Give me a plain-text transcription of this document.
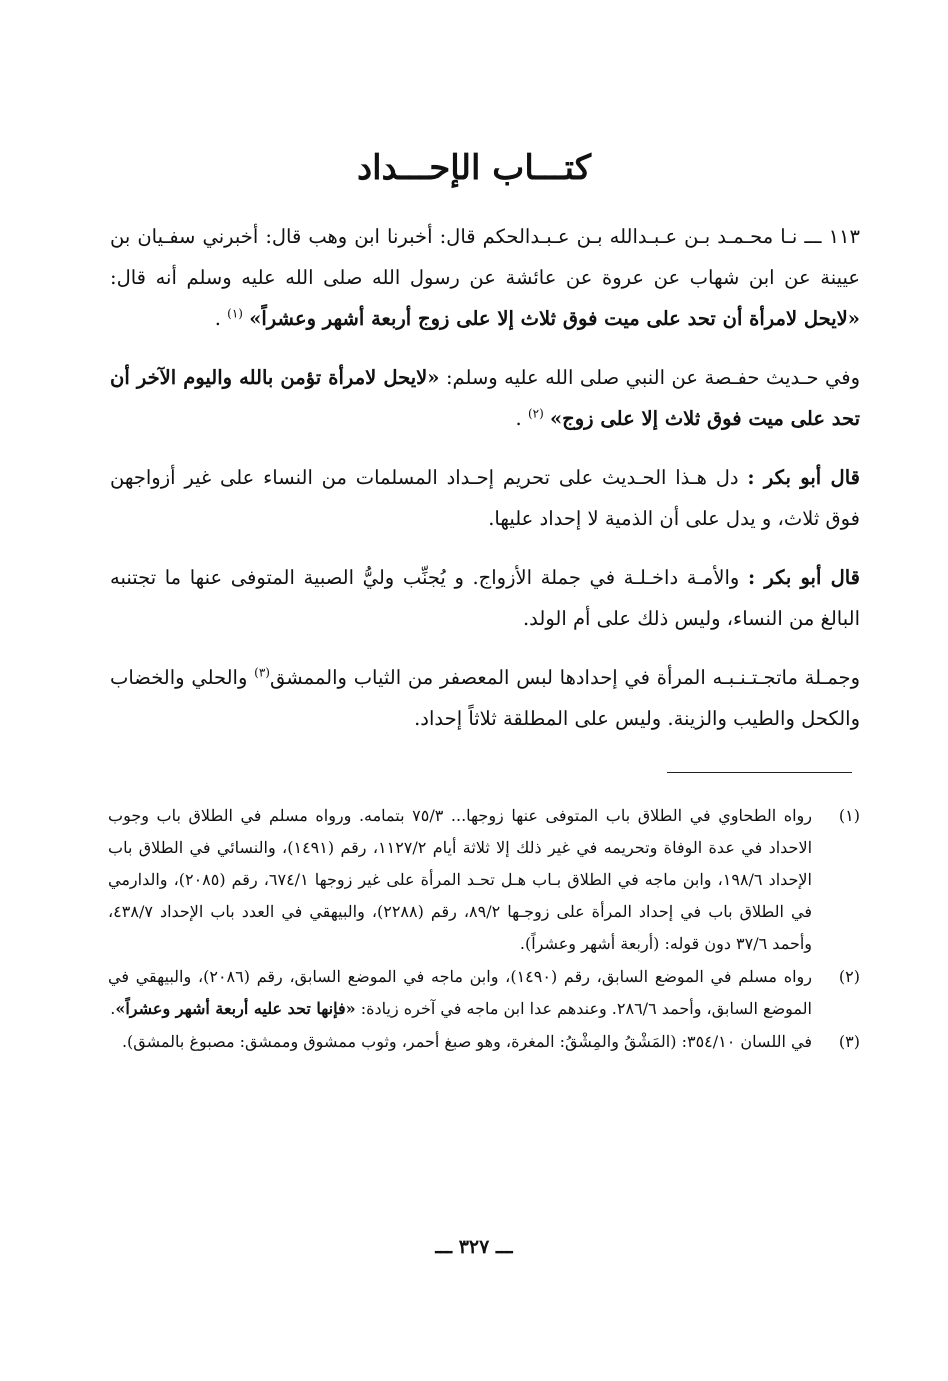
كتـــاب الإحـــداد

١١٣ ـــ نـا محـمـد بـن عـبـدالله بـن عـبـدالحكم قال: أخبرنا ابن وهب قال: أخبرني سفـيان بن عيينة عن ابن شهاب عن عروة عن عائشة عن رسول الله صلى الله عليه وسلم أنه قال: «لايحل لامرأة أن تحد على ميت فوق ثلاث إلا على زوج أربعة أشهر وعشراً» $^{(١)}$ .

وفي حـديث حفـصة عن النبي صلى الله عليه وسلم: «لايحل لامرأة تؤمن بالله واليوم الآخر أن تحد على ميت فوق ثلاث إلا على زوج» $^{(٢)}$ .

قال أبو بكر : دل هـذا الحـديث على تحريم إحـداد المسلمات من النساء على غير أزواجهن فوق ثلاث، و يدل على أن الذمية لا إحداد عليها.

قال أبو بكر : والأمـة داخـلـة في جملة الأزواج. و يُجنِّب وليُّ الصبية المتوفى عنها ما تجتنبه البالغ من النساء، وليس ذلك على أم الولد.

وجمـلة ماتجـتـنـبـه المرأة في إحدادها لبس المعصفر من الثياب والممشق$^{(٣)}$ والحلي والخضاب والكحل والطيب والزينة. وليس على المطلقة ثلاثاً إحداد.

(١)
رواه الطحاوي في الطلاق باب المتوفى عنها زوجها... ٧٥/٣ بتمامه. ورواه مسلم في الطلاق باب وجوب الاحداد في عدة الوفاة وتحريمه في غير ذلك إلا ثلاثة أيام ١١٢٧/٢، رقم (١٤٩١)، والنسائي في الطلاق باب الإحداد ١٩٨/٦، وابن ماجه في الطلاق بـاب هـل تحـد المرأة على غير زوجها ٦٧٤/١، رقم (٢٠٨٥)، والدارمي في الطلاق باب في إحداد المرأة على زوجـها ٨٩/٢، رقم (٢٢٨٨)، والبيهقي في العدد باب الإحداد ٤٣٨/٧، وأحمد ٣٧/٦ دون قوله: (أربعة أشهر وعشراً).
(٢)
رواه مسلم في الموضع السابق، رقم (١٤٩٠)، وابن ماجه في الموضع السابق، رقم (٢٠٨٦)، والبيهقي في الموضع السابق، وأحمد ٢٨٦/٦. وعندهم عدا ابن ماجه في آخره زيادة: «فإنها تحد عليه أربعة أشهر وعشراً».
(٣)
في اللسان ٣٥٤/١٠: (المَشْقُ والمِشْقُ: المغرة، وهو صبغ أحمر، وثوب ممشوق وممشق: مصبوغ بالمشق).
ـــ ٣٢٧ ـــ
